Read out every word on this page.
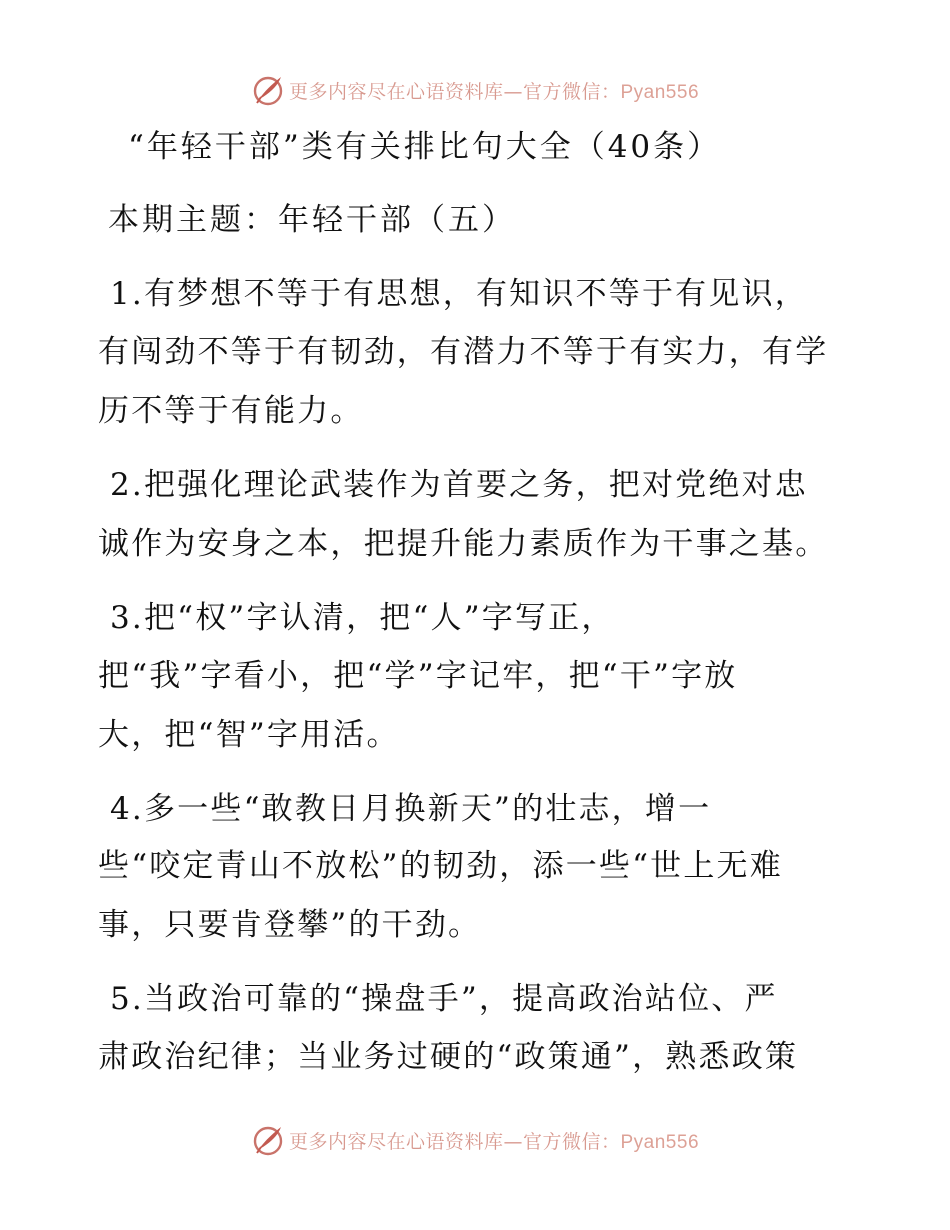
更多内容尽在心语资料库—官方微信：Pyan556
“年轻干部”类有关排比句大全（40条）
本期主题：年轻干部（五）
1.有梦想不等于有思想，有知识不等于有见识，
有闯劲不等于有韧劲，有潜力不等于有实力，有学
历不等于有能力。
2.把强化理论武装作为首要之务，把对党绝对忠
诚作为安身之本，把提升能力素质作为干事之基。
3.把“权”字认清，把“人”字写正，
把“我”字看小，把“学”字记牢，把“干”字放
大，把“智”字用活。
4.多一些“敢教日月换新天”的壮志，增一
些“咬定青山不放松”的韧劲，添一些“世上无难
事，只要肯登攀”的干劲。
5.当政治可靠的“操盘手”，提高政治站位、严
肃政治纪律；当业务过硬的“政策通”，熟悉政策
更多内容尽在心语资料库—官方微信：Pyan556
